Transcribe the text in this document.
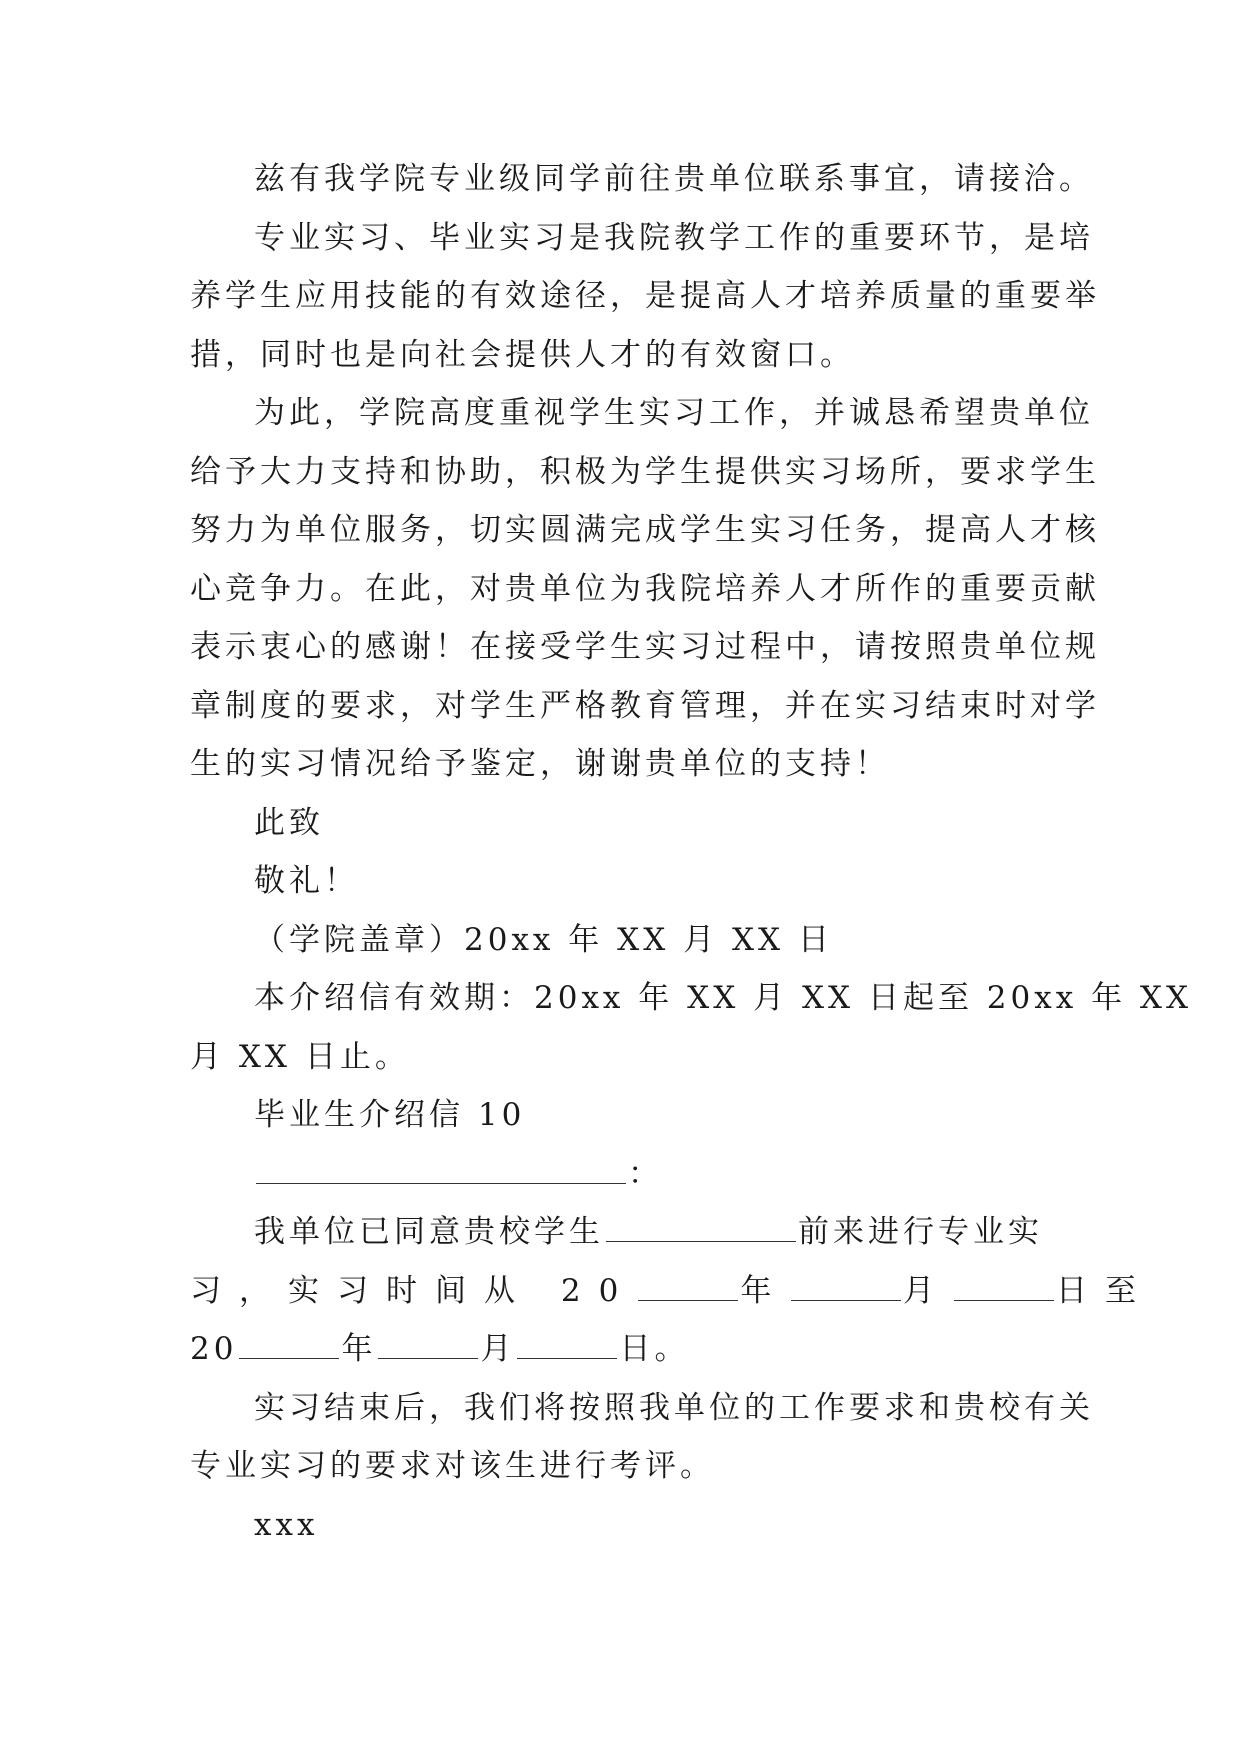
兹有我学院专业级同学前往贵单位联系事宜，请接洽。
专业实习、毕业实习是我院教学工作的重要环节，是培
养学生应用技能的有效途径，是提高人才培养质量的重要举
措，同时也是向社会提供人才的有效窗口。
为此，学院高度重视学生实习工作，并诚恳希望贵单位
给予大力支持和协助，积极为学生提供实习场所，要求学生
努力为单位服务，切实圆满完成学生实习任务，提高人才核
心竞争力。在此，对贵单位为我院培养人才所作的重要贡献
表示衷心的感谢！在接受学生实习过程中，请按照贵单位规
章制度的要求，对学生严格教育管理，并在实习结束时对学
生的实习情况给予鉴定，谢谢贵单位的支持！
此致
敬礼！
（学院盖章）20xx 年 XX 月 XX 日
本介绍信有效期：20xx 年 XX 月 XX 日起至 20xx 年 XX
月 XX 日止。
毕业生介绍信 10
：
我单位已同意贵校学生	前来进行专业实
习，实习时间从 20	年	月	日至
20	年	月	日。
实习结束后，我们将按照我单位的工作要求和贵校有关
专业实习的要求对该生进行考评。
xxx
